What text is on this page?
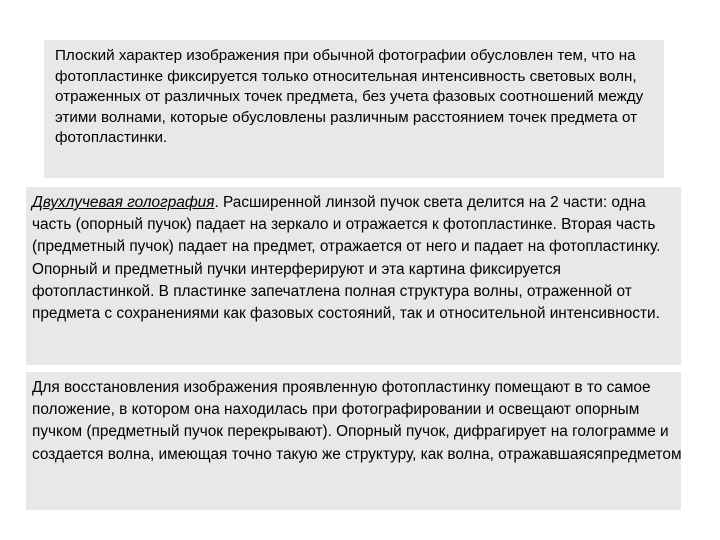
Плоский характер изображения при обычной фотографии обусловлен тем, что на фотопластинке фиксируется только относительная интенсивность световых волн, отраженных от различных точек предмета, без учета фазовых соотношений между этими волнами, которые обусловлены различным расстоянием точек предмета от фотопластинки.
Двухлучевая голография. Расширенной линзой пучок света делится на 2 части: одна часть (опорный пучок) падает на зеркало и отражается к фотопластинке. Вторая часть (предметный пучок) падает на предмет, отражается от него и падает на фотопластинку. Опорный и предметный пучки интерферируют и эта картина фиксируется фотопластинкой. В пластинке запечатлена полная структура волны, отраженной от предмета с сохранениями как фазовых состояний, так и относительной интенсивности.
Для восстановления изображения проявленную фотопластинку помещают в то самое положение, в котором она находилась при фотографировании и освещают опорным пучком (предметный пучок перекрывают). Опорный пучок, дифрагирует на голограмме и создается волна, имеющая точно такую же структуру, как волна, отражавшаясяпредметом
